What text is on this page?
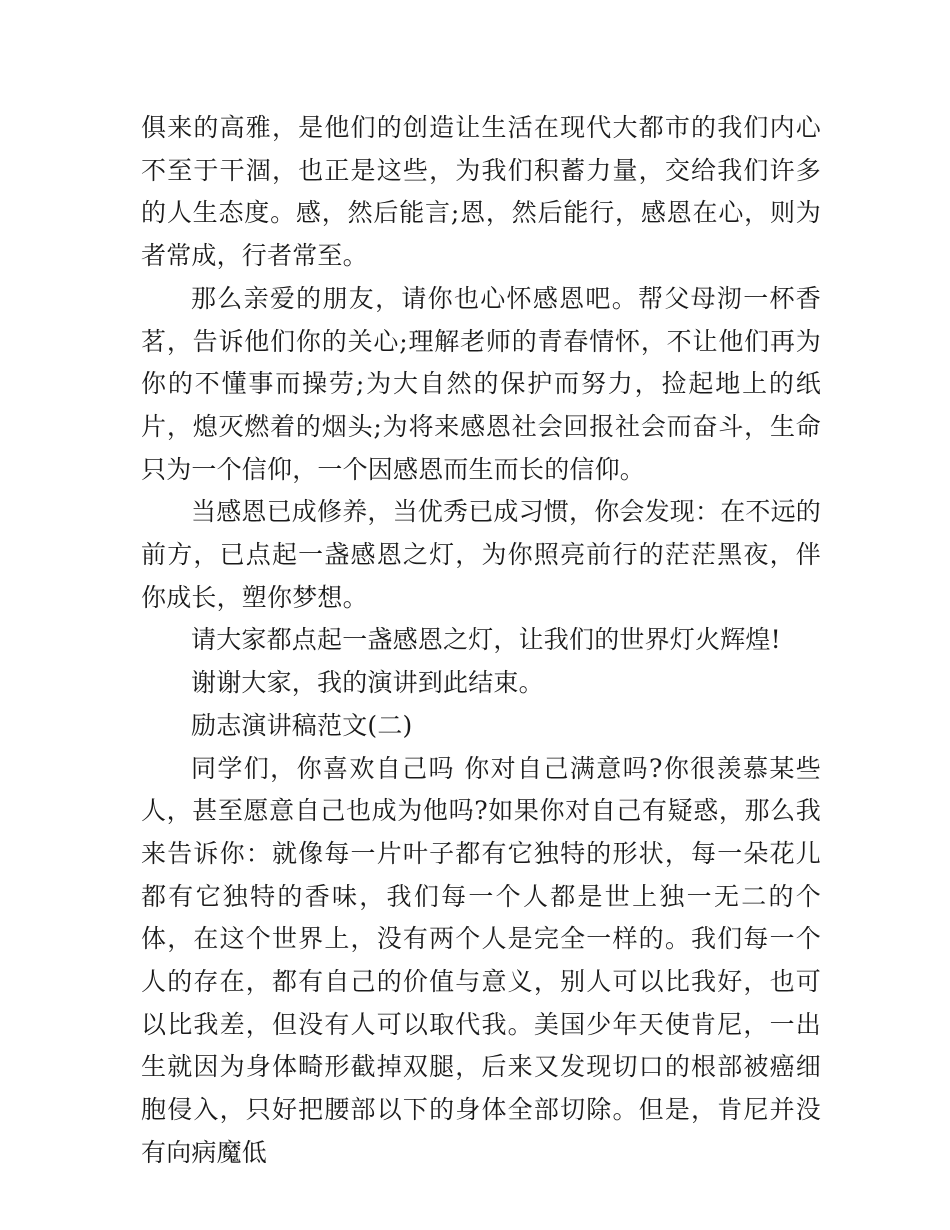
俱来的高雅，是他们的创造让生活在现代大都市的我们内心不至于干涸，也正是这些，为我们积蓄力量，交给我们许多的人生态度。感，然后能言;恩，然后能行，感恩在心，则为者常成，行者常至。

那么亲爱的朋友，请你也心怀感恩吧。帮父母沏一杯香茗，告诉他们你的关心;理解老师的青春情怀，不让他们再为你的不懂事而操劳;为大自然的保护而努力，捡起地上的纸片，熄灭燃着的烟头;为将来感恩社会回报社会而奋斗，生命只为一个信仰，一个因感恩而生而长的信仰。

当感恩已成修养，当优秀已成习惯，你会发现：在不远的前方，已点起一盏感恩之灯，为你照亮前行的茫茫黑夜，伴你成长，塑你梦想。

请大家都点起一盏感恩之灯，让我们的世界灯火辉煌!

谢谢大家，我的演讲到此结束。

励志演讲稿范文(二)

同学们，你喜欢自己吗 你对自己满意吗?你很羡慕某些人，甚至愿意自己也成为他吗?如果你对自己有疑惑，那么我来告诉你：就像每一片叶子都有它独特的形状，每一朵花儿都有它独特的香味，我们每一个人都是世上独一无二的个体，在这个世界上，没有两个人是完全一样的。我们每一个人的存在，都有自己的价值与意义，别人可以比我好，也可以比我差，但没有人可以取代我。美国少年天使肯尼，一出生就因为身体畸形截掉双腿，后来又发现切口的根部被癌细胞侵入，只好把腰部以下的身体全部切除。但是，肯尼并没有向病魔低
